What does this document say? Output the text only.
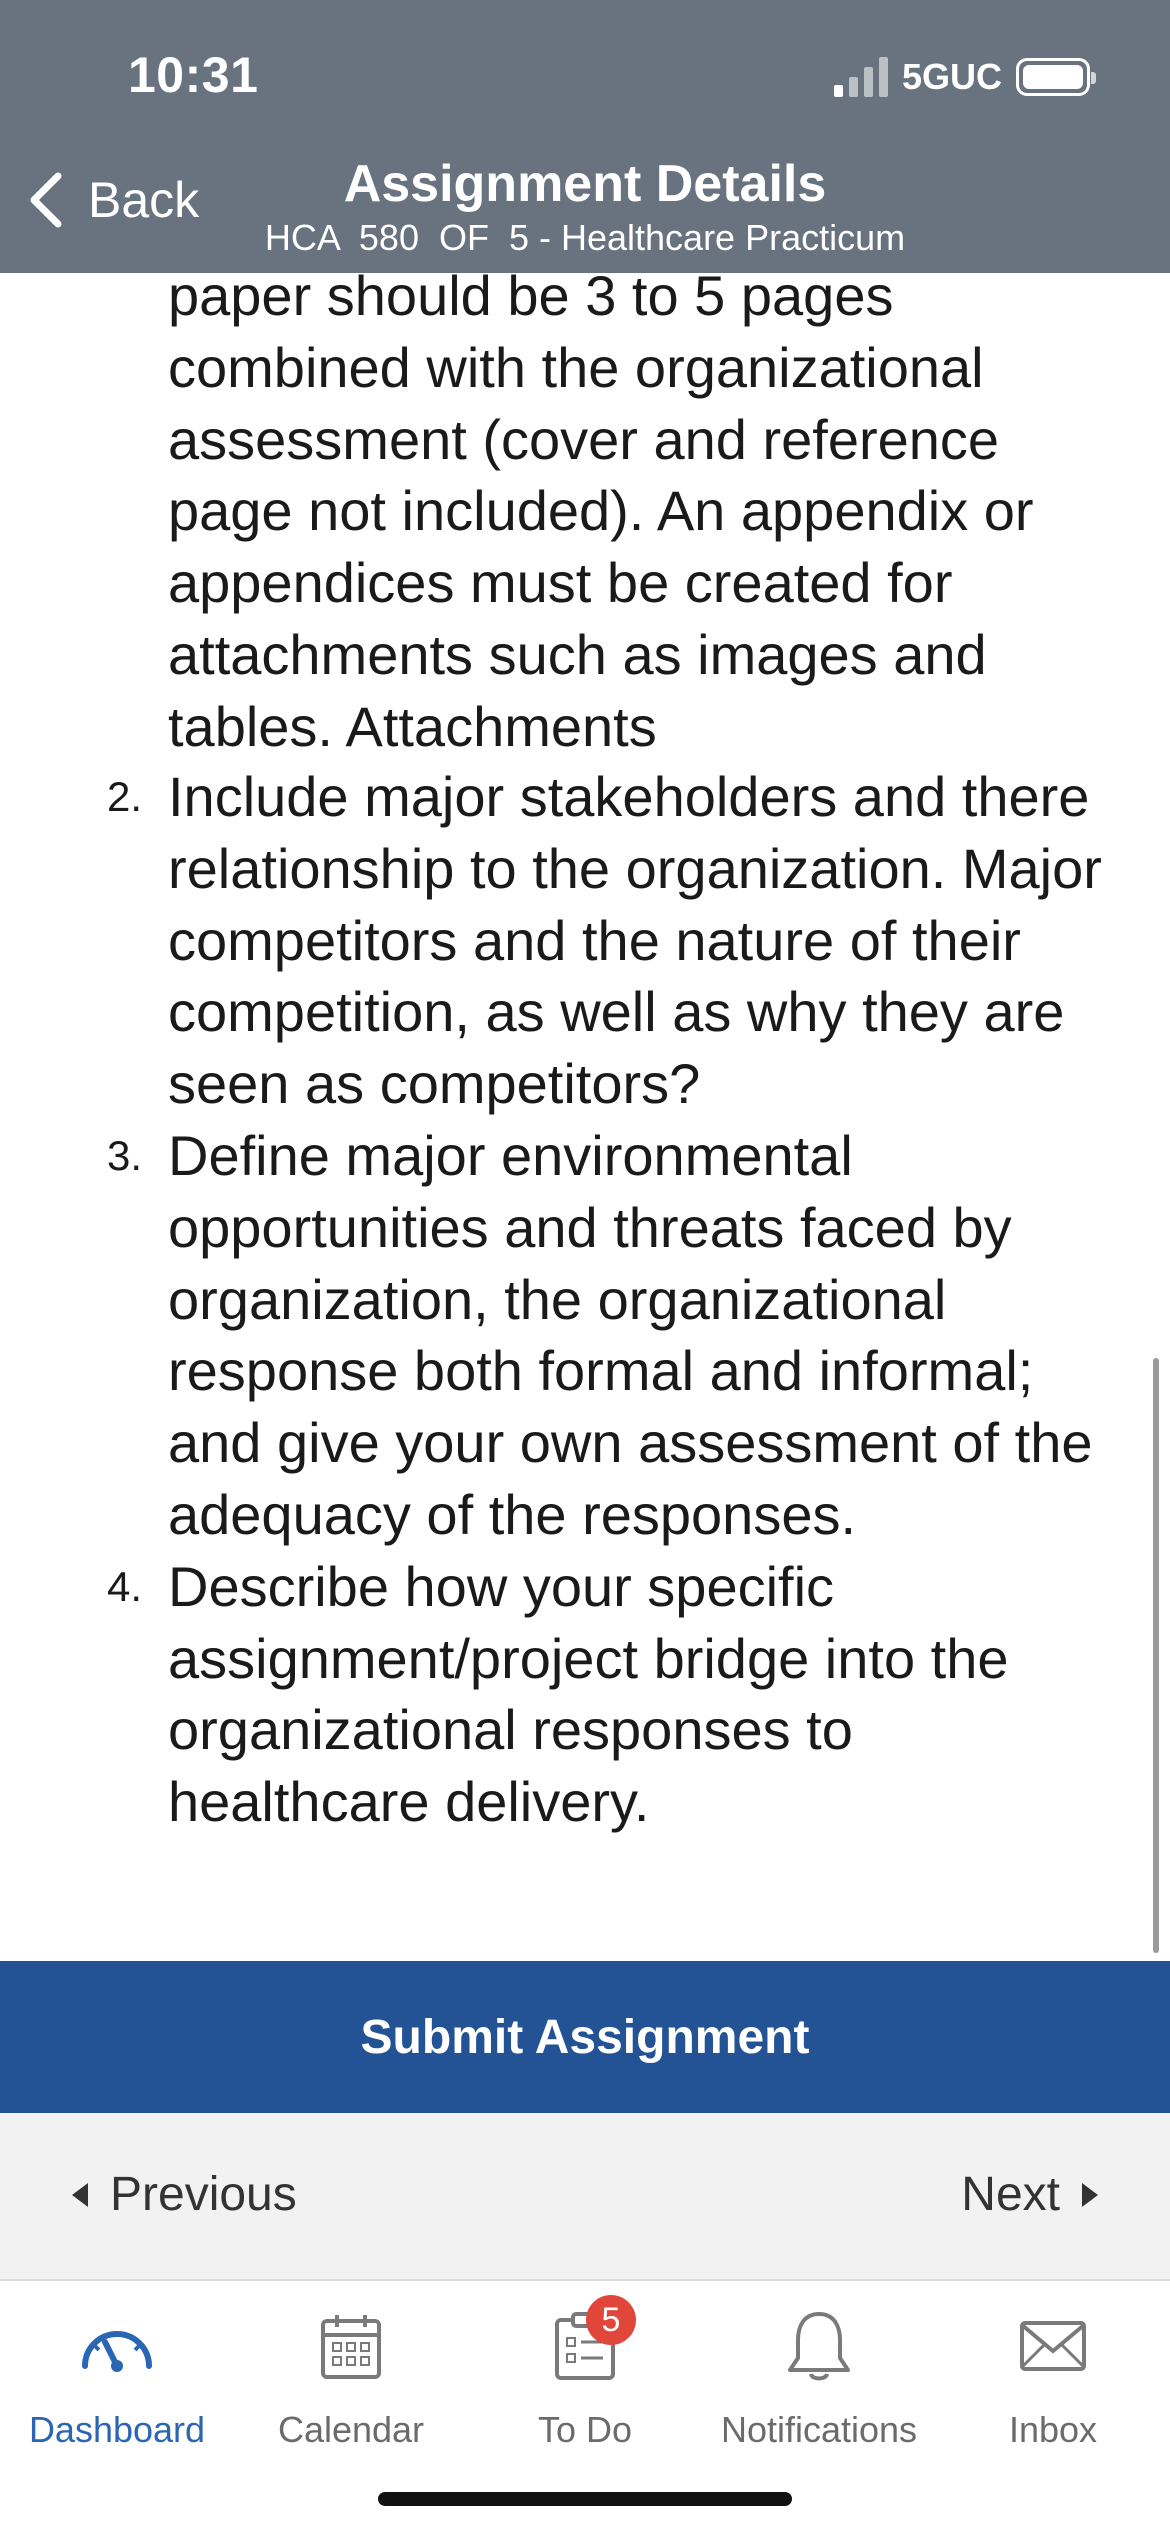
10:31	5GUC
Back	Assignment Details
HCA  580  OF  5 - Healthcare Practicum
paper should be 3 to 5 pages combined with the organizational assessment (cover and reference page not included). An appendix or appendices must be created for attachments such as images and tables. Attachments
2. Include major stakeholders and there relationship to the organization. Major competitors and the nature of their competition, as well as why they are seen as competitors?
3. Define major environmental opportunities and threats faced by organization, the organizational response both formal and informal; and give your own assessment of the adequacy of the responses.
4. Describe how your specific assignment/project bridge into the organizational responses to healthcare delivery.
Submit Assignment
Previous	Next
Dashboard Calendar
5
To Do Notifications	Inbox
